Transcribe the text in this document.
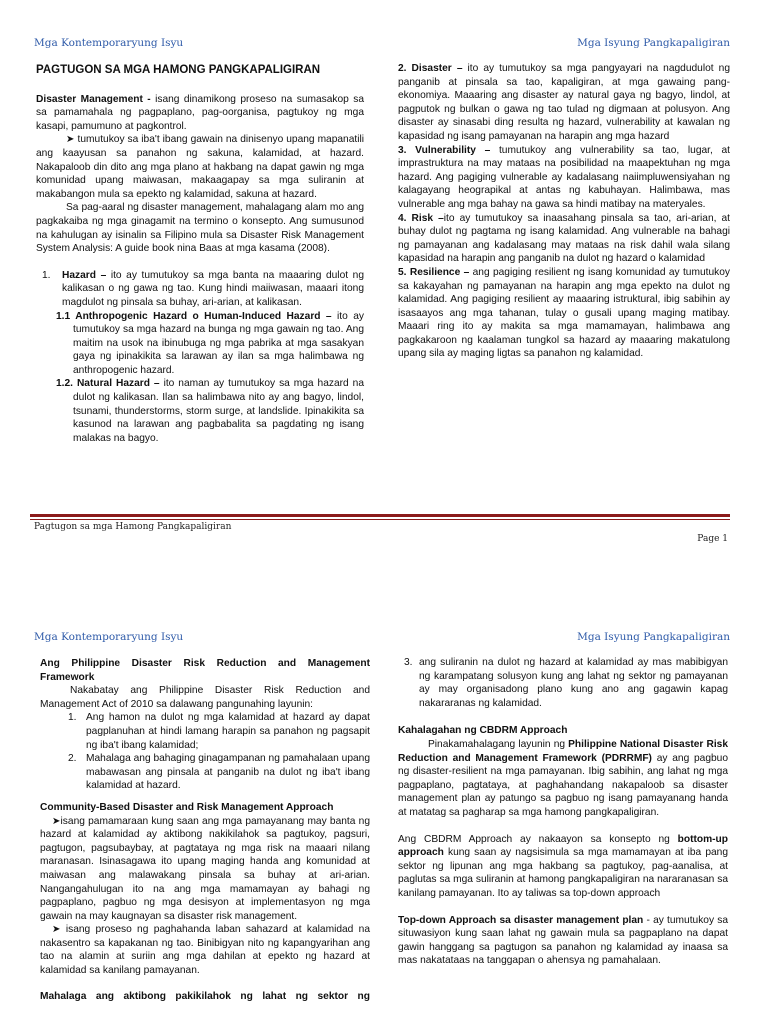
Mga Kontemporaryung Isyu	Mga Isyung Pangkapaligiran

PAGTUGON SA MGA HAMONG PANGKAPALIGIRAN

Disaster Management - isang dinamikong proseso na sumasakop sa sa pamamahala ng pagpaplano, pag-oorganisa, pagtukoy ng mga kasapi, pamumuno at pagkontrol.

➤ tumutukoy sa iba't ibang gawain na dinisenyo upang mapanatili ang kaayusan sa panahon ng sakuna, kalamidad, at hazard. Nakapaloob din dito ang mga plano at hakbang na dapat gawin ng mga komunidad upang maiwasan, makaagapay sa mga suliranin at makabangon mula sa epekto ng kalamidad, sakuna at hazard.

Sa pag-aaral ng disaster management, mahalagang alam mo ang pagkakaiba ng mga ginagamit na termino o konsepto. Ang sumusunod na kahulugan ay isinalin sa Filipino mula sa Disaster Risk Management System Analysis: A guide book nina Baas at mga kasama (2008).

1. Hazard – ito ay tumutukoy sa mga banta na maaaring dulot ng kalikasan o ng gawa ng tao. Kung hindi maiiwasan, maaari itong magdulot ng pinsala sa buhay, ari-arian, at kalikasan.

1.1 Anthropogenic Hazard o Human-Induced Hazard – ito ay tumutukoy sa mga hazard na bunga ng mga gawain ng tao. Ang maitim na usok na ibinubuga ng mga pabrika at mga sasakyan gaya ng ipinakikita sa larawan ay ilan sa mga halimbawa ng anthropogenic hazard.

1.2. Natural Hazard – ito naman ay tumutukoy sa mga hazard na dulot ng kalikasan. Ilan sa halimbawa nito ay ang bagyo, lindol, tsunami, thunderstorms, storm surge, at landslide. Ipinakikita sa kasunod na larawan ang pagbabalita sa pagdating ng isang malakas na bagyo.

2. Disaster – ito ay tumutukoy sa mga pangyayari na nagdudulot ng panganib at pinsala sa tao, kapaligiran, at mga gawaing pang-ekonomiya. Maaaring ang disaster ay natural gaya ng bagyo, lindol, at pagputok ng bulkan o gawa ng tao tulad ng digmaan at polusyon. Ang disaster ay sinasabi ding resulta ng hazard, vulnerability at kawalan ng kapasidad ng isang pamayanan na harapin ang mga hazard

3. Vulnerability – tumutukoy ang vulnerability sa tao, lugar, at imprastruktura na may mataas na posibilidad na maapektuhan ng mga hazard. Ang pagiging vulnerable ay kadalasang naiimpluwensiyahan ng kalagayang heograpikal at antas ng kabuhayan. Halimbawa, mas vulnerable ang mga bahay na gawa sa hindi matibay na materyales.

4. Risk –ito ay tumutukoy sa inaasahang pinsala sa tao, ari-arian, at buhay dulot ng pagtama ng isang kalamidad. Ang vulnerable na bahagi ng pamayanan ang kadalasang may mataas na risk dahil wala silang kapasidad na harapin ang panganib na dulot ng hazard o kalamidad

5. Resilience – ang pagiging resilient ng isang komunidad ay tumutukoy sa kakayahan ng pamayanan na harapin ang mga epekto na dulot ng kalamidad. Ang pagiging resilient ay maaaring istruktural, ibig sabihin ay isasaayos ang mga tahanan, tulay o gusali upang maging matibay. Maaari ring ito ay makita sa mga mamamayan, halimbawa ang pagkakaroon ng kaalaman tungkol sa hazard ay maaaring makatulong upang sila ay maging ligtas sa panahon ng kalamidad.

Pagtugon sa mga Hamong Pangkapaligiran
Page 1
Mga Kontemporaryung Isyu	Mga Isyung Pangkapaligiran

Ang Philippine Disaster Risk Reduction and Management Framework

Nakabatay ang Philippine Disaster Risk Reduction and Management Act of 2010 sa dalawang pangunahing layunin:

1. Ang hamon na dulot ng mga kalamidad at hazard ay dapat pagplanuhan at hindi lamang harapin sa panahon ng pagsapit ng iba't ibang kalamidad;

2. Mahalaga ang bahaging ginagampanan ng pamahalaan upang mabawasan ang pinsala at panganib na dulot ng iba't ibang kalamidad at hazard.

Community-Based Disaster and Risk Management Approach

➤isang pamamaraan kung saan ang mga pamayanang may banta ng hazard at kalamidad ay aktibong nakikilahok sa pagtukoy, pagsuri, pagtugon, pagsubaybay, at pagtataya ng mga risk na maaari nilang maranasan. Isinasagawa ito upang maging handa ang komunidad at maiwasan ang malawakang pinsala sa buhay at ari-arian. Nangangahulugan ito na ang mga mamamayan ay bahagi ng pagpaplano, pagbuo ng mga desisyon at implementasyon ng mga gawain na may kaugnayan sa disaster risk management.

➤ isang proseso ng paghahanda laban sahazard at kalamidad na nakasentro sa kapakanan ng tao. Binibigyan nito ng kapangyarihan ang tao na alamin at suriin ang mga dahilan at epekto ng hazard at kalamidad sa kanilang pamayanan.

Mahalaga ang aktibong pakikilahok ng lahat ng sektor ng

3. ang suliranin na dulot ng hazard at kalamidad ay mas mabibigyan ng karampatang solusyon kung ang lahat ng sektor ng pamayanan ay may organisadong plano kung ano ang gagawin kapag nakararanas ng kalamidad.

Kahalagahan ng CBDRM Approach

Pinakamahalagang layunin ng Philippine National Disaster Risk Reduction and Management Framework (PDRRMF) ay ang pagbuo ng disaster-resilient na mga pamayanan. Ibig sabihin, ang lahat ng mga pagpaplano, pagtataya, at paghahandang nakapaloob sa disaster management plan ay patungo sa pagbuo ng isang pamayanang handa at matatag sa pagharap sa mga hamong pangkapaligiran.

Ang CBDRM Approach ay nakaayon sa konsepto ng bottom-up approach kung saan ay nagsisimula sa mga mamamayan at iba pang sektor ng lipunan ang mga hakbang sa pagtukoy, pag-aanalisa, at paglutas sa mga suliranin at hamong pangkapaligiran na nararanasan sa kanilang pamayanan. Ito ay taliwas sa top-down approach

Top-down Approach sa disaster management plan - ay tumutukoy sa situwasiyon kung saan lahat ng gawain mula sa pagpaplano na dapat gawin hanggang sa pagtugon sa panahon ng kalamidad ay inaasa sa mas nakatataas na tanggapan o ahensya ng pamahalaan.
